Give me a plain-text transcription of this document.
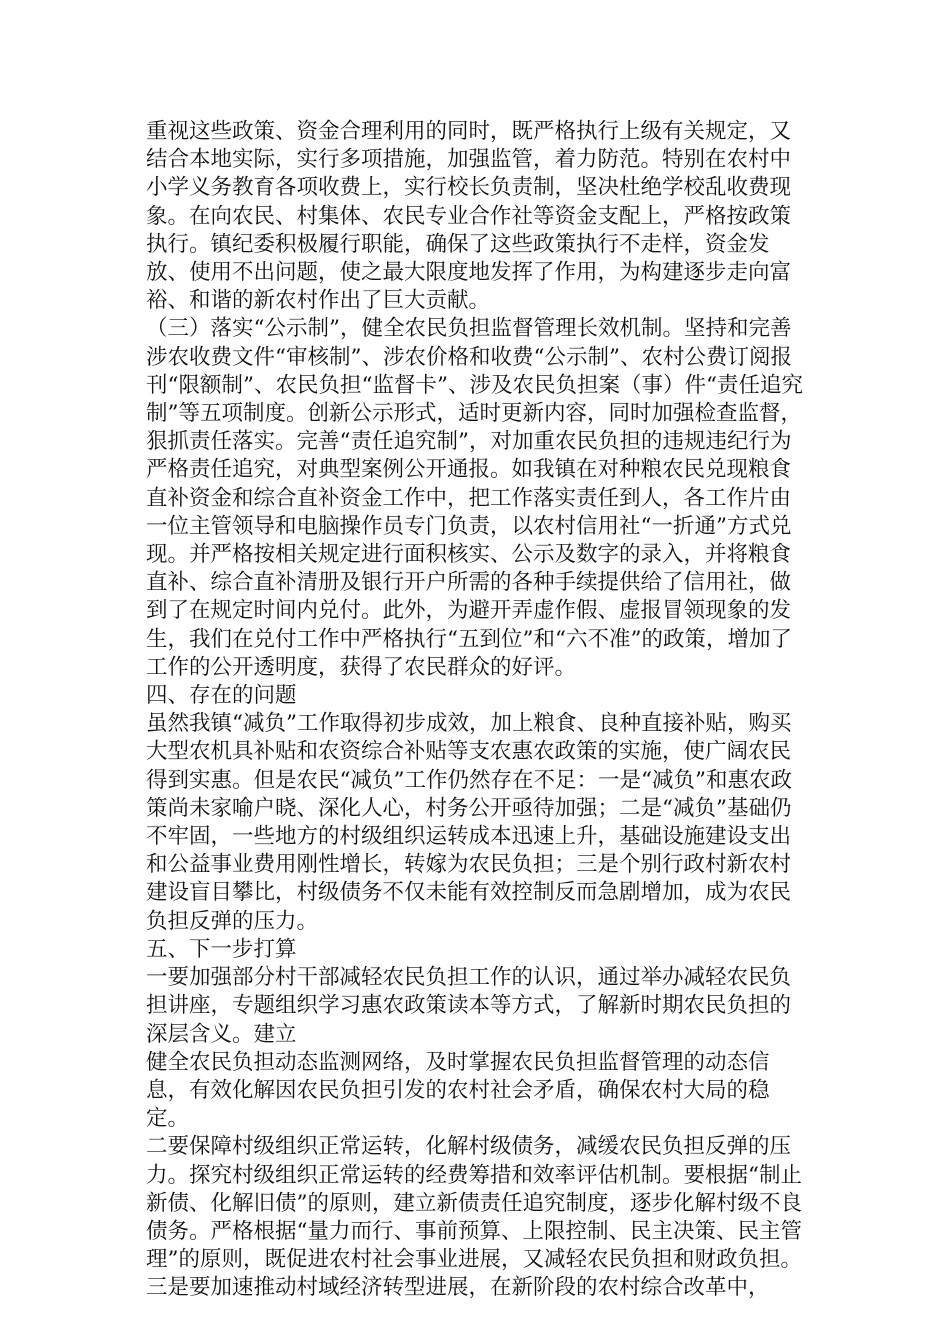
重视这些政策、资金合理利用的同时，既严格执行上级有关规定，又结合本地实际，实行多项措施，加强监管，着力防范。特别在农村中小学义务教育各项收费上，实行校长负责制，坚决杜绝学校乱收费现象。在向农民、村集体、农民专业合作社等资金支配上，严格按政策执行。镇纪委积极履行职能，确保了这些政策执行不走样，资金发放、使用不出问题，使之最大限度地发挥了作用，为构建逐步走向富裕、和谐的新农村作出了巨大贡献。

（三）落实“公示制”，健全农民负担监督管理长效机制。坚持和完善涉农收费文件“审核制”、涉农价格和收费“公示制”、农村公费订阅报刊“限额制”、农民负担“监督卡”、涉及农民负担案（事）件“责任追究制”等五项制度。创新公示形式，适时更新内容，同时加强检查监督，狠抓责任落实。完善“责任追究制”，对加重农民负担的违规违纪行为严格责任追究，对典型案例公开通报。如我镇在对种粮农民兑现粮食直补资金和综合直补资金工作中，把工作落实责任到人，各工作片由一位主管领导和电脑操作员专门负责，以农村信用社“一折通”方式兑现。并严格按相关规定进行面积核实、公示及数字的录入，并将粮食直补、综合直补清册及银行开户所需的各种手续提供给了信用社，做到了在规定时间内兑付。此外，为避开弄虚作假、虚报冒领现象的发生，我们在兑付工作中严格执行“五到位”和“六不准”的政策，增加了工作的公开透明度，获得了农民群众的好评。

四、存在的问题

虽然我镇“减负”工作取得初步成效，加上粮食、良种直接补贴，购买大型农机具补贴和农资综合补贴等支农惠农政策的实施，使广阔农民得到实惠。但是农民“减负”工作仍然存在不足：一是“减负”和惠农政策尚未家喻户晓、深化人心，村务公开亟待加强；二是“减负”基础仍不牢固，一些地方的村级组织运转成本迅速上升，基础设施建设支出和公益事业费用刚性增长，转嫁为农民负担；三是个别行政村新农村建设盲目攀比，村级债务不仅未能有效控制反而急剧增加，成为农民负担反弹的压力。

五、下一步打算

一要加强部分村干部减轻农民负担工作的认识，通过举办减轻农民负担讲座，专题组织学习惠农政策读本等方式，了解新时期农民负担的深层含义。建立

健全农民负担动态监测网络，及时掌握农民负担监督管理的动态信息，有效化解因农民负担引发的农村社会矛盾，确保农村大局的稳定。

二要保障村级组织正常运转，化解村级债务，减缓农民负担反弹的压力。探究村级组织正常运转的经费筹措和效率评估机制。要根据“制止新债、化解旧债”的原则，建立新债责任追究制度，逐步化解村级不良债务。严格根据“量力而行、事前预算、上限控制、民主决策、民主管理”的原则，既促进农村社会事业进展，又减轻农民负担和财政负担。

三是要加速推动村域经济转型进展，在新阶段的农村综合改革中，
